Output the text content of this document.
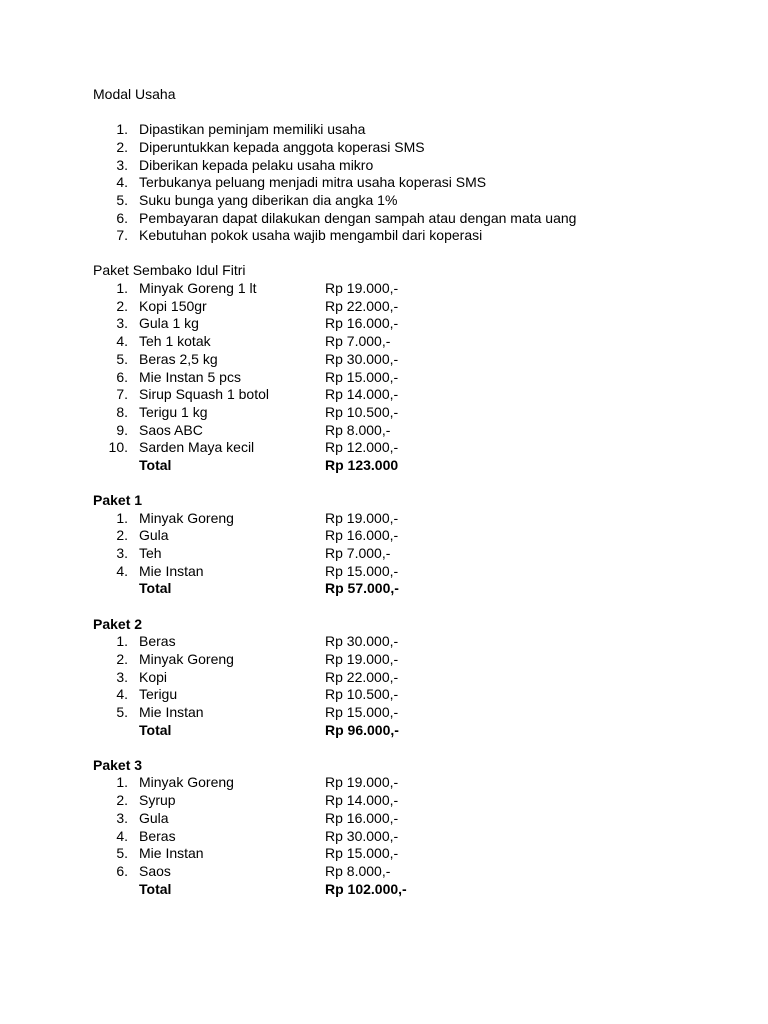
Modal Usaha
1. Dipastikan peminjam memiliki usaha
2. Diperuntukkan kepada anggota koperasi SMS
3. Diberikan kepada pelaku usaha mikro
4. Terbukanya peluang menjadi mitra usaha koperasi SMS
5. Suku bunga yang diberikan dia angka 1%
6. Pembayaran dapat dilakukan dengan sampah atau dengan mata uang
7. Kebutuhan pokok usaha wajib mengambil dari koperasi
Paket Sembako Idul Fitri
1. Minyak Goreng 1 lt	Rp 19.000,-
2. Kopi 150gr	Rp 22.000,-
3. Gula 1 kg	Rp 16.000,-
4. Teh 1 kotak	Rp 7.000,-
5. Beras 2,5 kg	Rp 30.000,-
6. Mie Instan 5 pcs	Rp 15.000,-
7. Sirup Squash 1 botol	Rp 14.000,-
8. Terigu 1 kg	Rp 10.500,-
9. Saos ABC	Rp 8.000,-
10. Sarden Maya kecil	Rp 12.000,-
Total	Rp 123.000
Paket 1
1. Minyak Goreng	Rp 19.000,-
2. Gula	Rp 16.000,-
3. Teh	Rp 7.000,-
4. Mie Instan	Rp 15.000,-
Total	Rp 57.000,-
Paket 2
1. Beras	Rp 30.000,-
2. Minyak Goreng	Rp 19.000,-
3. Kopi	Rp 22.000,-
4. Terigu	Rp 10.500,-
5. Mie Instan	Rp 15.000,-
Total	Rp 96.000,-
Paket 3
1. Minyak Goreng	Rp 19.000,-
2. Syrup	Rp 14.000,-
3. Gula	Rp 16.000,-
4. Beras	Rp 30.000,-
5. Mie Instan	Rp 15.000,-
6. Saos	Rp 8.000,-
Total	Rp 102.000,-
